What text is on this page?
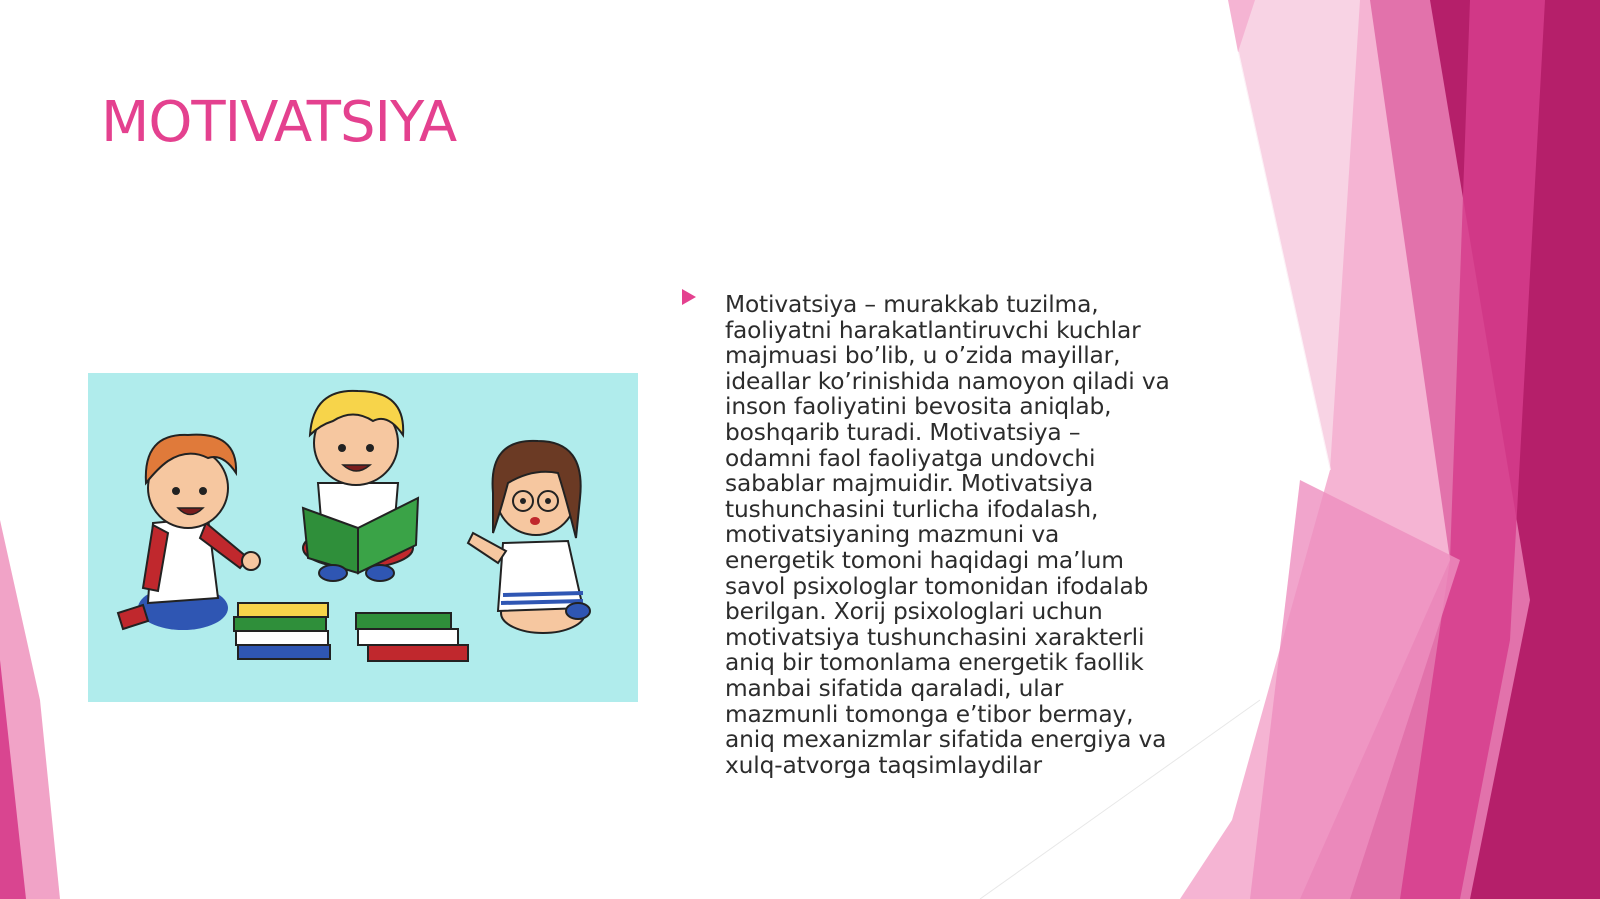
MOTIVATSIYA
Motivatsiya – murakkab tuzilma,
faoliyatni harakatlantiruvchi kuchlar
majmuasi bo’lib, u o’zida mayillar,
ideallar ko’rinishida namoyon qiladi va
inson faoliyatini bevosita aniqlab,
boshqarib turadi. Motivatsiya –
odamni faol faoliyatga undovchi
sabablar majmuidir. Motivatsiya
tushunchasini turlicha ifodalash,
motivatsiyaning mazmuni va
energetik tomoni haqidagi ma’lum
savol psixologlar tomonidan ifodalab
berilgan. Xorij psixologlari uchun
motivatsiya tushunchasini xarakterli
aniq bir tomonlama energetik faollik
manbai sifatida qaraladi, ular
mazmunli tomonga e’tibor bermay,
aniq mexanizmlar sifatida energiya va
xulq-atvorga taqsimlaydilar
